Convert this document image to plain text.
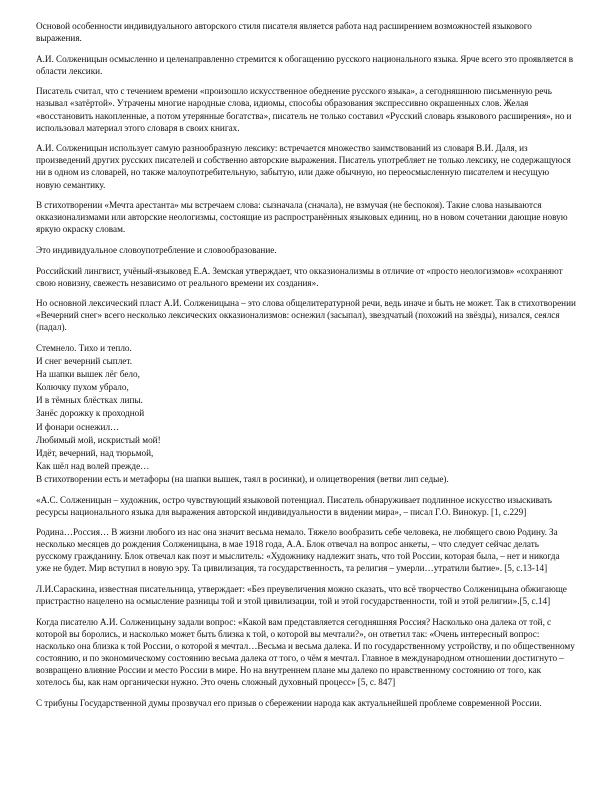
Основой особенности индивидуального авторского стиля писателя является работа над расширением возможностей языкового выражения.

А.И. Солженицын осмысленно и целенаправленно стремится к обогащению русского национального языка. Ярче всего это проявляется в области лексики.

Писатель считал, что с течением времени «произошло искусственное обеднение русского языка», а сегодняшнюю письменную речь называл «затёртой». Утрачены многие народные слова, идиомы, способы образования экспрессивно окрашенных слов. Желая «восстановить накопленные, а потом утерянные богатства», писатель не только составил «Русский словарь языкового расширения», но и использовал материал этого словаря в своих книгах.

А.И. Солженицын использует самую разнообразную лексику: встречается множество заимствований из словаря В.И. Даля, из произведений других русских писателей и собственно авторские выражения. Писатель употребляет не только лексику, не содержащуюся ни в одном из словарей, но также малоупотребительную, забытую, или даже обычную, но переосмысленную писателем и несущую новую семантику.

В стихотворении «Мечта арестанта» мы встречаем слова: сызначала (сначала), не взмучая (не беспокоя). Такие слова называются окказионализмами или авторские неологизмы, состоящие из распространённых языковых единиц, но в новом сочетании дающие новую яркую окраску словам.

Это индивидуальное словоупотребление и словообразование.

Российский лингвист, учёный-языковед Е.А. Земская утверждает, что окказионализмы в отличие от «просто неологизмов» «сохраняют свою новизну, свежесть независимо от реального времени их создания».

Но основной лексический пласт А.И. Солженицына – это слова общелитературной речи, ведь иначе и быть не может. Так в стихотворении «Вечерний снег» всего несколько лексических окказионализмов: оснежил (засыпал), звездчатый (похожий на звёзды), низался, сеялся (падал).

Стемнело. Тихо и тепло.
И снег вечерний сыплет.
На шапки вышек лёг бело,
Колючку пухом убрало,
И в тёмных блёстках липы.
Занёс дорожку к проходной
И фонари оснежил…
Любимый мой, искристый мой!
Идёт, вечерний, над тюрьмой,
Как шёл над волей прежде…

В стихотворении есть и метафоры (на шапки вышек, таял в росинки), и олицетворения (ветви лип седые).

«А.С. Солженицын – художник, остро чувствующий языковой потенциал. Писатель обнаруживает подлинное искусство изыскивать ресурсы национального языка для выражения авторской индивидуальности в видении мира», – писал Г.О. Винокур. [1, с.229]

Родина…Россия… В жизни любого из нас она значит весьма немало. Тяжело вообразить себе человека, не любящего свою Родину. За несколько месяцев до рождения Солженицына, в мае 1918 года, А.А. Блок отвечал на вопрос анкеты, – что следует сейчас делать русскому гражданину. Блок отвечал как поэт и мыслитель: «Художнику надлежит знать, что той России, которая была, – нет и никогда уже не будет. Мир вступил в новую эру. Та цивилизация, та государственность, та религия – умерли…утратили бытие». [5, с.13-14]

Л.И.Сараскина, известная писательница, утверждает: «Без преувеличения можно сказать, что всё творчество Солженицына обжигающе пристрастно нацелено на осмысление разницы той и этой цивилизации, той и этой государственности, той и этой религии».[5, с.14]

Когда писателю А.И. Солженицыну задали вопрос: «Какой вам представляется сегодняшняя Россия? Насколько она далека от той, с которой вы боролись, и насколько может быть близка к той, о которой вы мечтали?», он ответил так: «Очень интересный вопрос: насколько она близка к той России, о которой я мечтал…Весьма и весьма далека. И по государственному устройству, и по общественному состоянию, и по экономическому состоянию весьма далека от того, о чём я мечтал. Главное в международном отношении достигнуто – возвращено влияние России и место России в мире. Но на внутреннем плане мы далеко по нравственному состоянию от того, как хотелось бы, как нам органически нужно. Это очень сложный духовный процесс» [5, с. 847]

С трибуны Государственной думы прозвучал его призыв о сбережении народа как актуальнейшей проблеме современной России.
